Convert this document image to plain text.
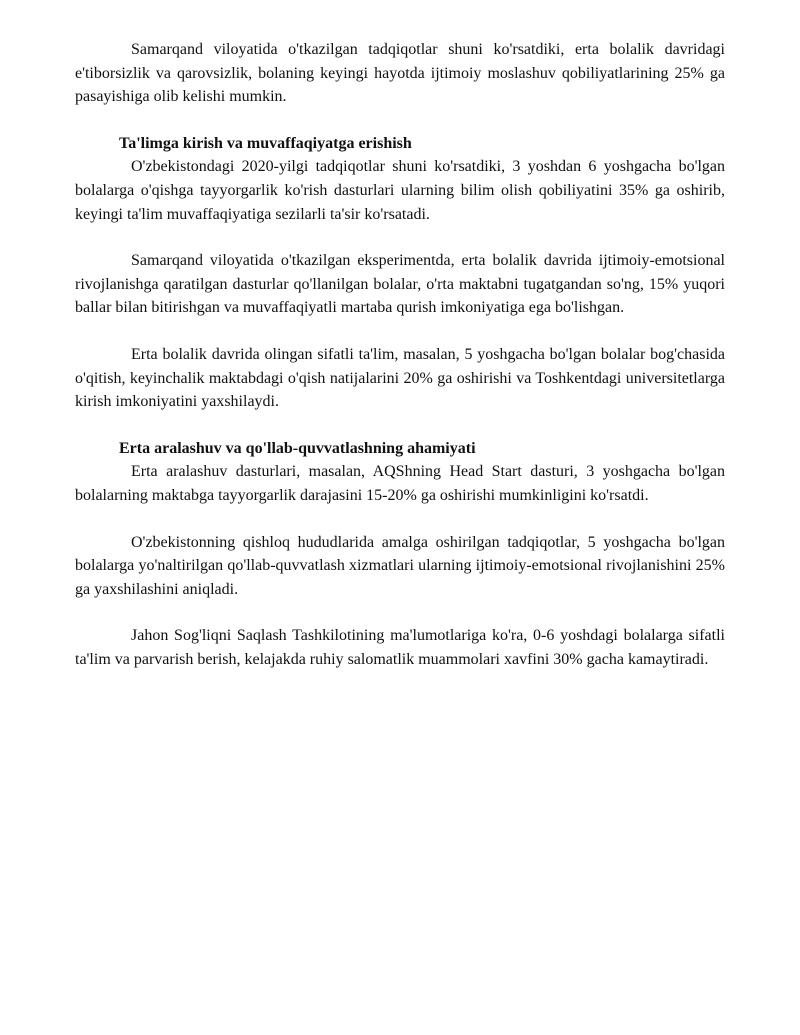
Samarqand viloyatida o'tkazilgan tadqiqotlar shuni ko'rsatdiki, erta bolalik davridagi e'tiborsizlik va qarovsizlik, bolaning keyingi hayotda ijtimoiy moslashuv qobiliyatlarining 25% ga pasayishiga olib kelishi mumkin.

Ta'limga kirish va muvaffaqiyatga erishish

O'zbekistondagi 2020-yilgi tadqiqotlar shuni ko'rsatdiki, 3 yoshdan 6 yoshgacha bo'lgan bolalarga o'qishga tayyorgarlik ko'rish dasturlari ularning bilim olish qobiliyatini 35% ga oshirib, keyingi ta'lim muvaffaqiyatiga sezilarli ta'sir ko'rsatadi.

Samarqand viloyatida o'tkazilgan eksperimentda, erta bolalik davrida ijtimoiy-emotsional rivojlanishga qaratilgan dasturlar qo'llanilgan bolalar, o'rta maktabni tugatgandan so'ng, 15% yuqori ballar bilan bitirishgan va muvaffaqiyatli martaba qurish imkoniyatiga ega bo'lishgan.

Erta bolalik davrida olingan sifatli ta'lim, masalan, 5 yoshgacha bo'lgan bolalar bog'chasida o'qitish, keyinchalik maktabdagi o'qish natijalarini 20% ga oshirishi va Toshkentdagi universitetlarga kirish imkoniyatini yaxshilaydi.

Erta aralashuv va qo'llab-quvvatlashning ahamiyati

Erta aralashuv dasturlari, masalan, AQShning Head Start dasturi, 3 yoshgacha bo'lgan bolalarning maktabga tayyorgarlik darajasini 15-20% ga oshirishi mumkinligini ko'rsatdi.

O'zbekistonning qishloq hududlarida amalga oshirilgan tadqiqotlar, 5 yoshgacha bo'lgan bolalarga yo'naltirilgan qo'llab-quvvatlash xizmatlari ularning ijtimoiy-emotsional rivojlanishini 25% ga yaxshilashini aniqladi.

Jahon Sog'liqni Saqlash Tashkilotining ma'lumotlariga ko'ra, 0-6 yoshdagi bolalarga sifatli ta'lim va parvarish berish, kelajakda ruhiy salomatlik muammolari xavfini 30% gacha kamaytiradi.
